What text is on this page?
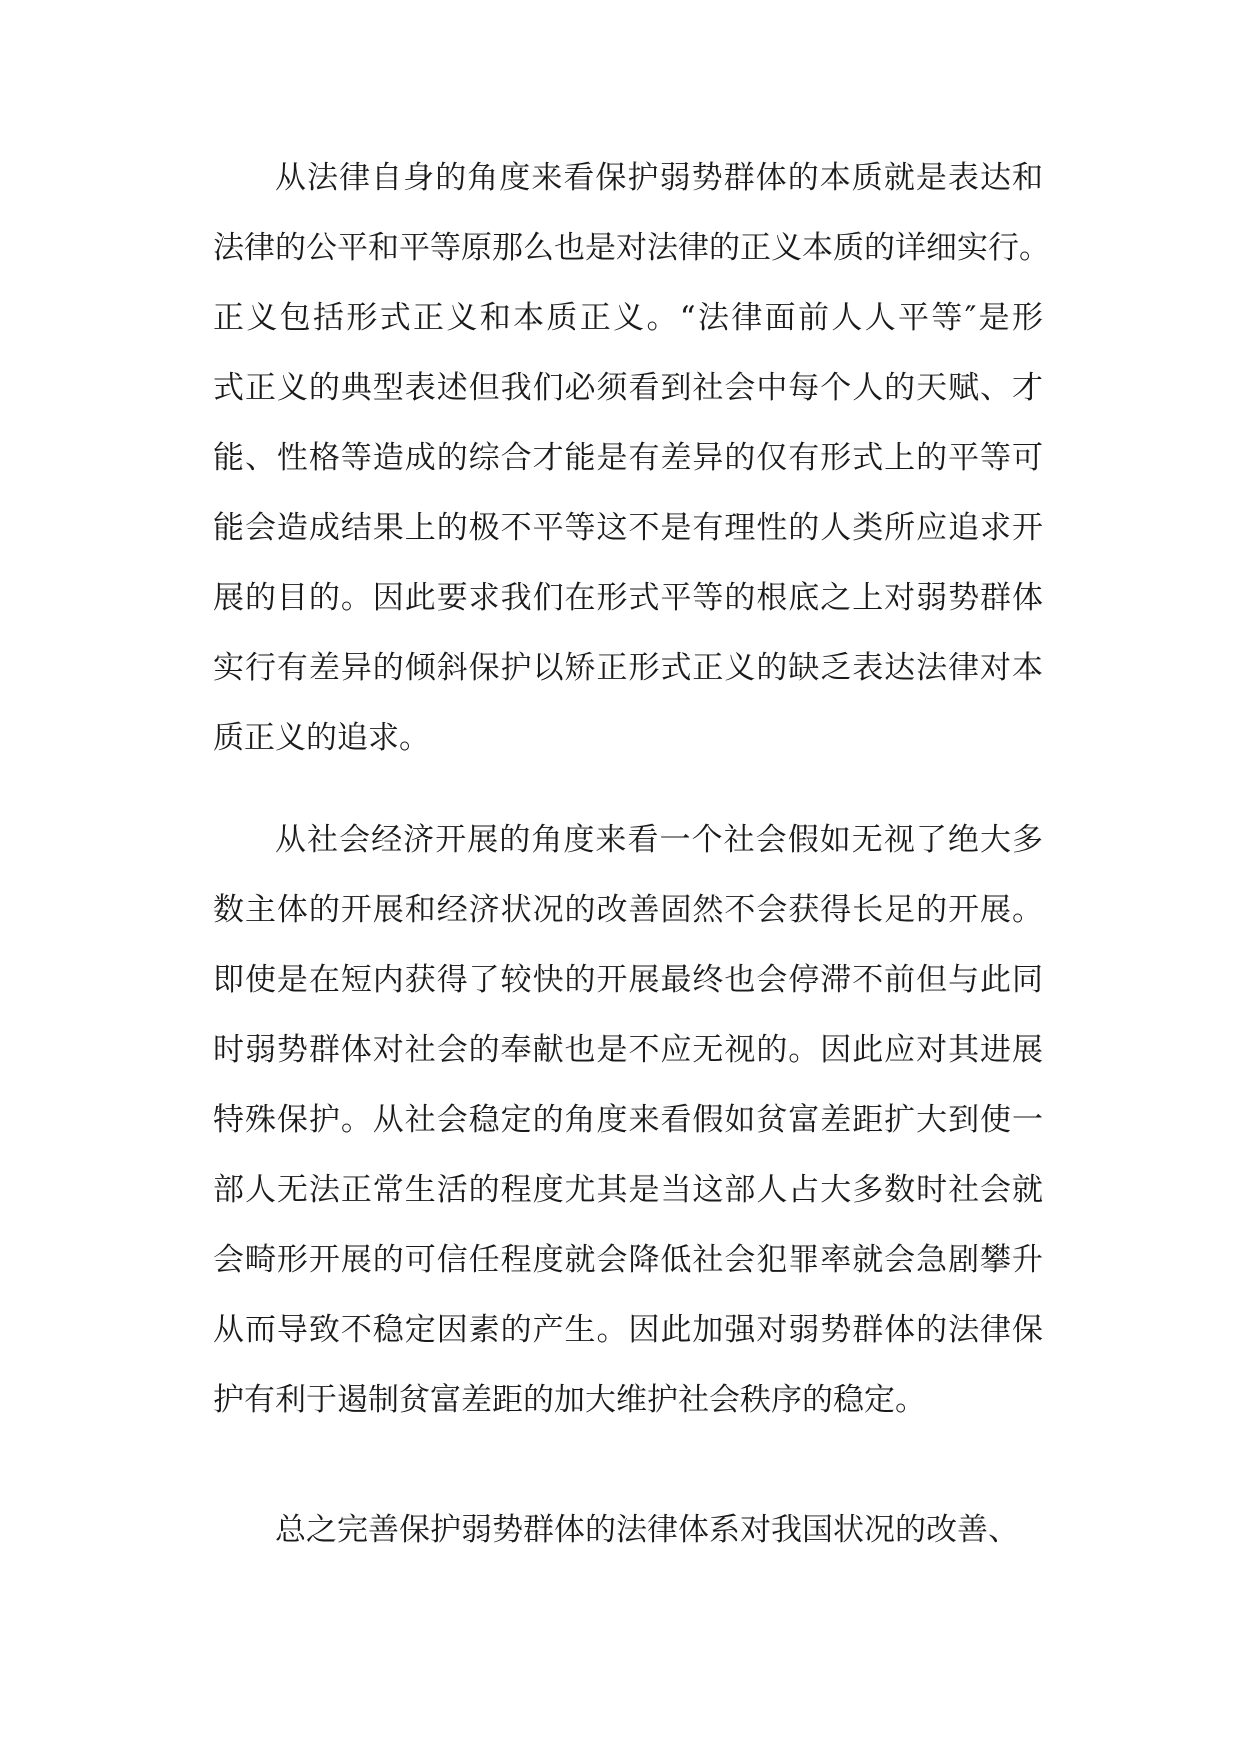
从法律自身的角度来看保护弱势群体的本质就是表达和
法律的公平和平等原那么也是对法律的正义本质的详细实行。
正义包括形式正义和本质正义。“法律面前人人平等″是形
式正义的典型表述但我们必须看到社会中每个人的天赋、才
能、性格等造成的综合才能是有差异的仅有形式上的平等可
能会造成结果上的极不平等这不是有理性的人类所应追求开
展的目的。因此要求我们在形式平等的根底之上对弱势群体
实行有差异的倾斜保护以矫正形式正义的缺乏表达法律对本
质正义的追求。
从社会经济开展的角度来看一个社会假如无视了绝大多
数主体的开展和经济状况的改善固然不会获得长足的开展。
即使是在短内获得了较快的开展最终也会停滞不前但与此同
时弱势群体对社会的奉献也是不应无视的。因此应对其进展
特殊保护。从社会稳定的角度来看假如贫富差距扩大到使一
部人无法正常生活的程度尤其是当这部人占大多数时社会就
会畸形开展的可信任程度就会降低社会犯罪率就会急剧攀升
从而导致不稳定因素的产生。因此加强对弱势群体的法律保
护有利于遏制贫富差距的加大维护社会秩序的稳定。
总之完善保护弱势群体的法律体系对我国状况的改善、
